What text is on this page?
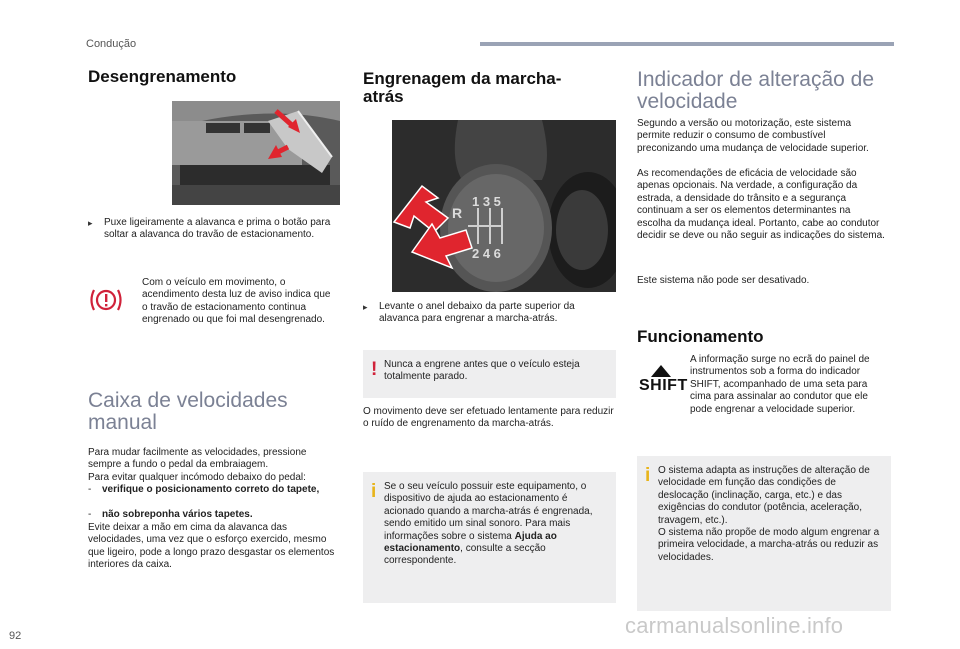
Condução
92	carmanualsonline.info
Desengrenamento
▸ Puxe ligeiramente a alavanca e prima o botão para soltar a alavanca do travão de estacionamento.

Com o veículo em movimento, o acendimento desta luz de aviso indica que o travão de estacionamento continua engrenado ou que foi mal desengrenado.

Caixa de velocidades manual

Para mudar facilmente as velocidades, pressione sempre a fundo o pedal da embraiagem.

Para evitar qualquer incómodo debaixo do pedal:

- verifique o posicionamento correto do tapete,
- não sobreponha vários tapetes.

Evite deixar a mão em cima da alavanca das velocidades, uma vez que o esforço exercido, mesmo que ligeiro, pode a longo prazo desgastar os elementos interiores da caixa.

Engrenagem da marcha-atrás
R
1 3 5
2 4 6
▸ Levante o anel debaixo da parte superior da alavanca para engrenar a marcha-atrás.
! Nunca a engrene antes que o veículo esteja totalmente parado.

O movimento deve ser efetuado lentamente para reduzir o ruído de engrenamento da marcha-atrás.

i Se o seu veículo possuir este equipamento, o dispositivo de ajuda ao estacionamento é acionado quando a marcha-atrás é engrenada, sendo emitido um sinal sonoro. Para mais informações sobre o sistema Ajuda ao estacionamento, consulte a secção correspondente.
Indicador de alteração de velocidade

Segundo a versão ou motorização, este sistema permite reduzir o consumo de combustível preconizando uma mudança de velocidade superior.

As recomendações de eficácia de velocidade são apenas opcionais. Na verdade, a configuração da estrada, a densidade do trânsito e a segurança continuam a ser os elementos determinantes na escolha da mudança ideal. Portanto, cabe ao condutor decidir se deve ou não seguir as indicações do sistema.

Este sistema não pode ser desativado.

Funcionamento
SHIFT

A informação surge no ecrã do painel de instrumentos sob a forma do indicador SHIFT, acompanhado de uma seta para cima para assinalar ao condutor que ele pode engrenar a velocidade superior.

i O sistema adapta as instruções de alteração de velocidade em função das condições de deslocação (inclinação, carga, etc.) e das exigências do condutor (potência, aceleração, travagem, etc.).
O sistema não propõe de modo algum engrenar a primeira velocidade, a marcha-atrás ou reduzir as velocidades.
